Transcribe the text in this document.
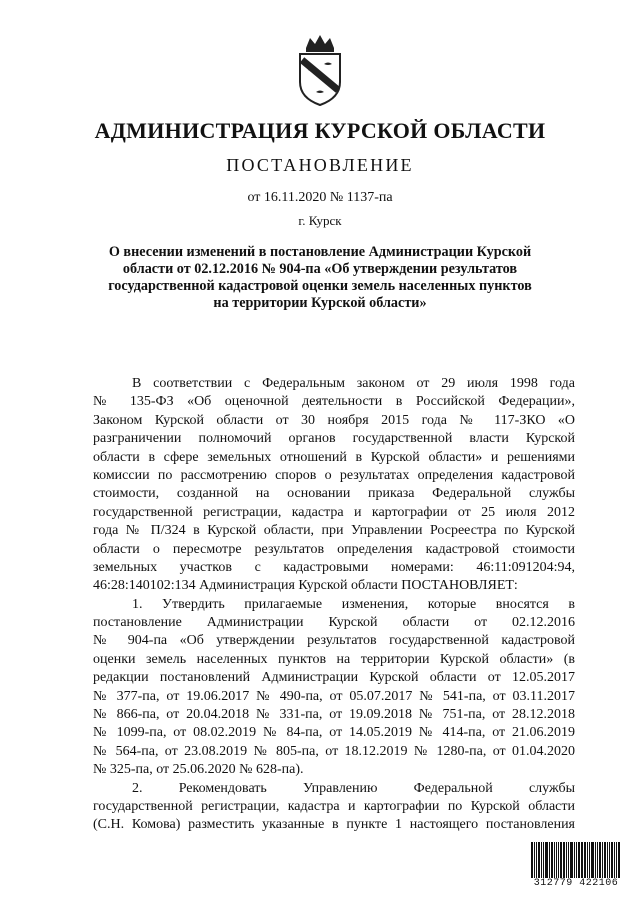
АДМИНИСТРАЦИЯ КУРСКОЙ ОБЛАСТИ
ПОСТАНОВЛЕНИЕ
от 16.11.2020 № 1137-па
г. Курск
О внесении изменений в постановление Администрации Курской
области от 02.12.2016 № 904-па «Об утверждении результатов
государственной кадастровой оценки земель населенных пунктов
на территории Курской области»
В соответствии с Федеральным законом от 29 июля 1998 года
№ 135-ФЗ «Об оценочной деятельности в Российской Федерации»,
Законом Курской области от 30 ноября 2015 года № 117-ЗКО «О
разграничении полномочий органов государственной власти Курской
области в сфере земельных отношений в Курской области» и решениями
комиссии по рассмотрению споров о результатах определения кадастровой
стоимости, созданной на основании приказа Федеральной службы
государственной регистрации, кадастра и картографии от 25 июля 2012
года № П/324 в Курской области, при Управлении Росреестра по Курской
области о пересмотре результатов определения кадастровой стоимости
земельных участков с кадастровыми номерами: 46:11:091204:94,
46:28:140102:134 Администрация Курской области ПОСТАНОВЛЯЕТ:
1. Утвердить прилагаемые изменения, которые вносятся в
постановление Администрации Курской области от 02.12.2016
№ 904-па «Об утверждении результатов государственной кадастровой
оценки земель населенных пунктов на территории Курской области» (в
редакции постановлений Администрации Курской области от 12.05.2017
№ 377-па, от 19.06.2017 № 490-па, от 05.07.2017 № 541-па, от 03.11.2017
№ 866-па, от 20.04.2018 № 331-па, от 19.09.2018 № 751-па, от 28.12.2018
№ 1099-па, от 08.02.2019 № 84-па, от 14.05.2019 № 414-па, от 21.06.2019
№ 564-па, от 23.08.2019 № 805-па, от 18.12.2019 № 1280-па, от 01.04.2020
№ 325-па, от 25.06.2020 № 628-па).
2. Рекомендовать Управлению Федеральной службы
государственной регистрации, кадастра и картографии по Курской области
(С.Н. Комова) разместить указанные в пункте 1 настоящего постановления
312779 422106
